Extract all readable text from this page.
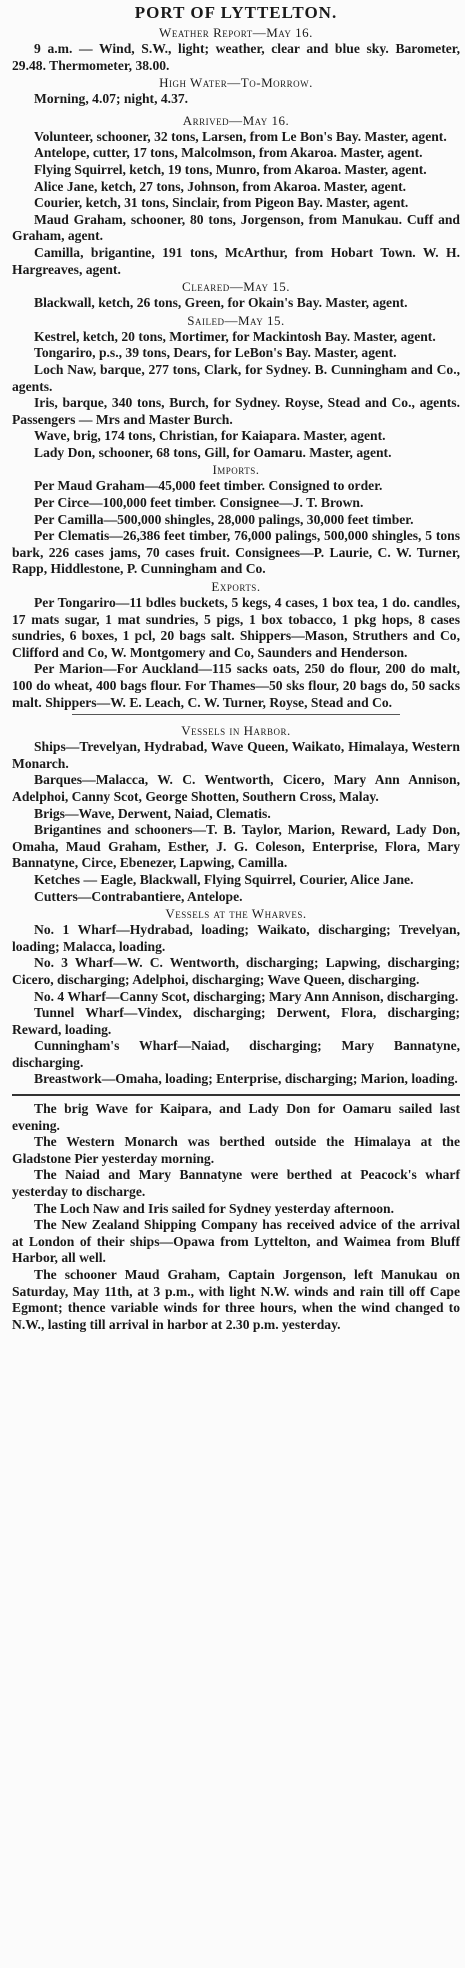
PORT OF LYTTELTON.
Weather Report—May 16.

9 a.m. — Wind, S.W., light; weather, clear and blue sky. Barometer, 29.48. Thermometer, 38.00.

High Water—To-Morrow.

Morning, 4.07; night, 4.37.

Arrived—May 16.

Volunteer, schooner, 32 tons, Larsen, from Le Bon's Bay. Master, agent.

Antelope, cutter, 17 tons, Malcolmson, from Akaroa. Master, agent.

Flying Squirrel, ketch, 19 tons, Munro, from Akaroa. Master, agent.

Alice Jane, ketch, 27 tons, Johnson, from Akaroa. Master, agent.

Courier, ketch, 31 tons, Sinclair, from Pigeon Bay. Master, agent.

Maud Graham, schooner, 80 tons, Jorgenson, from Manukau. Cuff and Graham, agent.

Camilla, brigantine, 191 tons, McArthur, from Hobart Town. W. H. Hargreaves, agent.

Cleared—May 15.

Blackwall, ketch, 26 tons, Green, for Okain's Bay. Master, agent.

Sailed—May 15.

Kestrel, ketch, 20 tons, Mortimer, for Mackintosh Bay. Master, agent.

Tongariro, p.s., 39 tons, Dears, for LeBon's Bay. Master, agent.

Loch Naw, barque, 277 tons, Clark, for Sydney. B. Cunningham and Co., agents.

Iris, barque, 340 tons, Burch, for Sydney. Royse, Stead and Co., agents. Passengers — Mrs and Master Burch.

Wave, brig, 174 tons, Christian, for Kaiapara. Master, agent.

Lady Don, schooner, 68 tons, Gill, for Oamaru. Master, agent.

Imports.

Per Maud Graham—45,000 feet timber. Consigned to order.

Per Circe—100,000 feet timber. Consignee—J. T. Brown.

Per Camilla—500,000 shingles, 28,000 palings, 30,000 feet timber.

Per Clematis—26,386 feet timber, 76,000 palings, 500,000 shingles, 5 tons bark, 226 cases jams, 70 cases fruit. Consignees—P. Laurie, C. W. Turner, Rapp, Hiddlestone, P. Cunningham and Co.

Exports.

Per Tongariro—11 bdles buckets, 5 kegs, 4 cases, 1 box tea, 1 do. candles, 17 mats sugar, 1 mat sundries, 5 pigs, 1 box tobacco, 1 pkg hops, 8 cases sundries, 6 boxes, 1 pcl, 20 bags salt. Shippers—Mason, Struthers and Co, Clifford and Co, W. Montgomery and Co, Saunders and Henderson.

Per Marion—For Auckland—115 sacks oats, 250 do flour, 200 do malt, 100 do wheat, 400 bags flour. For Thames—50 sks flour, 20 bags do, 50 sacks malt. Shippers—W. E. Leach, C. W. Turner, Royse, Stead and Co.

Vessels in Harbor.

Ships—Trevelyan, Hydrabad, Wave Queen, Waikato, Himalaya, Western Monarch.

Barques—Malacca, W. C. Wentworth, Cicero, Mary Ann Annison, Adelphoi, Canny Scot, George Shotten, Southern Cross, Malay.

Brigs—Wave, Derwent, Naiad, Clematis.

Brigantines and schooners—T. B. Taylor, Marion, Reward, Lady Don, Omaha, Maud Graham, Esther, J. G. Coleson, Enterprise, Flora, Mary Bannatyne, Circe, Ebenezer, Lapwing, Camilla.

Ketches — Eagle, Blackwall, Flying Squirrel, Courier, Alice Jane.

Cutters—Contrabantiere, Antelope.

Vessels at the Wharves.

No. 1 Wharf—Hydrabad, loading; Waikato, discharging; Trevelyan, loading; Malacca, loading.

No. 3 Wharf—W. C. Wentworth, discharging; Lapwing, discharging; Cicero, discharging; Adelphoi, discharging; Wave Queen, discharging.

No. 4 Wharf—Canny Scot, discharging; Mary Ann Annison, discharging.

Tunnel Wharf—Vindex, discharging; Derwent, Flora, discharging; Reward, loading.

Cunningham's Wharf—Naiad, discharging; Mary Bannatyne, discharging.

Breastwork—Omaha, loading; Enterprise, discharging; Marion, loading.

The brig Wave for Kaipara, and Lady Don for Oamaru sailed last evening.

The Western Monarch was berthed outside the Himalaya at the Gladstone Pier yesterday morning.

The Naiad and Mary Bannatyne were berthed at Peacock's wharf yesterday to discharge.

The Loch Naw and Iris sailed for Sydney yesterday afternoon.

The New Zealand Shipping Company has received advice of the arrival at London of their ships—Opawa from Lyttelton, and Waimea from Bluff Harbor, all well.

The schooner Maud Graham, Captain Jorgenson, left Manukau on Saturday, May 11th, at 3 p.m., with light N.W. winds and rain till off Cape Egmont; thence variable winds for three hours, when the wind changed to N.W., lasting till arrival in harbor at 2.30 p.m. yesterday.
